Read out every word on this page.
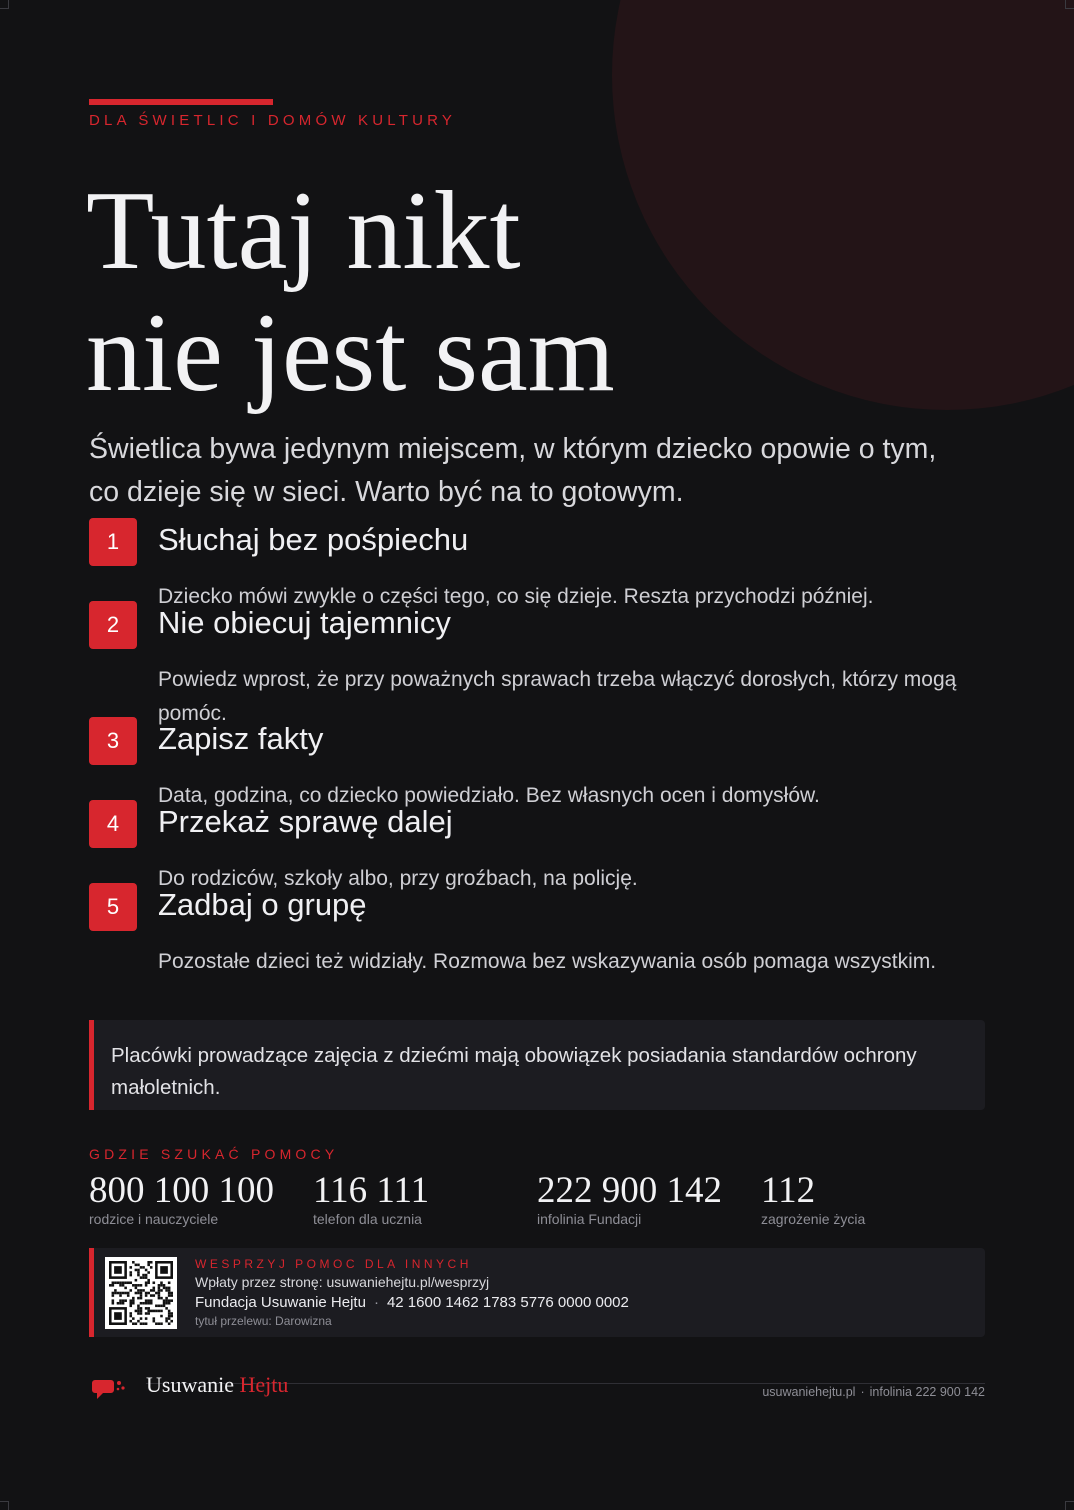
DLA ŚWIETLIC I DOMÓW KULTURY
Tutaj nikt
nie jest sam
Świetlica bywa jedynym miejscem, w którym dziecko opowie o tym, co dzieje się w sieci. Warto być na to gotowym.
1	Słuchaj bez pośpiechu
Dziecko mówi zwykle o części tego, co się dzieje. Reszta przychodzi później.
2	Nie obiecuj tajemnicy
Powiedz wprost, że przy poważnych sprawach trzeba włączyć dorosłych, którzy mogą pomóc.
3	Zapisz fakty
Data, godzina, co dziecko powiedziało. Bez własnych ocen i domysłów.
4	Przekaż sprawę dalej
Do rodziców, szkoły albo, przy groźbach, na policję.
5	Zadbaj o grupę
Pozostałe dzieci też widziały. Rozmowa bez wskazywania osób pomaga wszystkim.
Placówki prowadzące zajęcia z dziećmi mają obowiązek posiadania standardów ochrony małoletnich.
GDZIE SZUKAĆ POMOCY
800 100 100
rodzice i nauczyciele
116 111
telefon dla ucznia
222 900 142
infolinia Fundacji
112
zagrożenie życia
WESPRZYJ POMOC DLA INNYCH
Wpłaty przez stronę: usuwaniehejtu.pl/wesprzyj
Fundacja Usuwanie Hejtu · 42 1600 1462 1783 5776 0000 0002
tytuł przelewu: Darowizna
Usuwanie Hejtu	usuwaniehejtu.pl · infolinia 222 900 142
